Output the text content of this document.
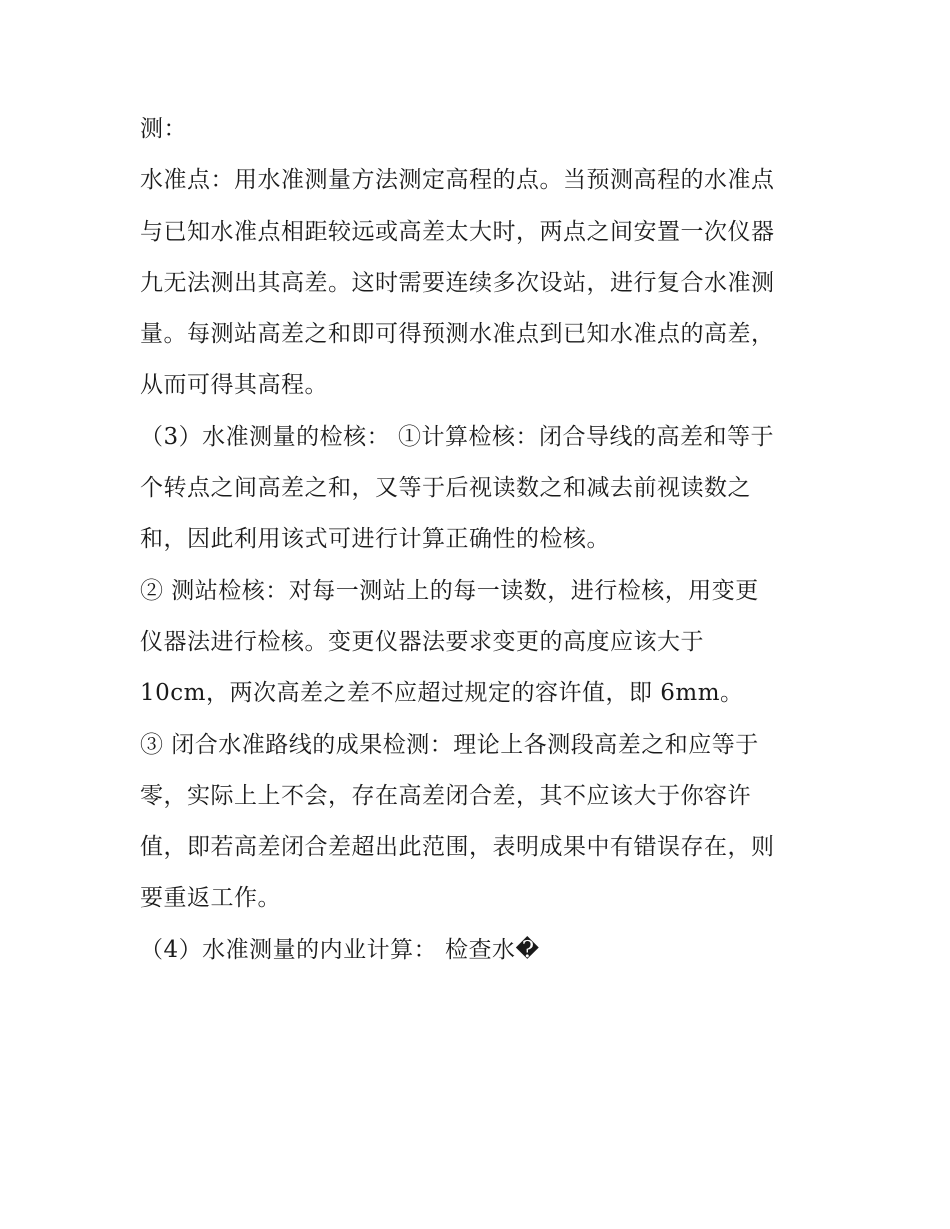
测：
水准点：用水准测量方法测定高程的点。当预测高程的水准点
与已知水准点相距较远或高差太大时，两点之间安置一次仪器
九无法测出其高差。这时需要连续多次设站，进行复合水准测
量。每测站高差之和即可得预测水准点到已知水准点的高差，
从而可得其高程。
（3）水准测量的检核： ①计算检核：闭合导线的高差和等于
个转点之间高差之和，又等于后视读数之和减去前视读数之
和，因此利用该式可进行计算正确性的检核。
② 测站检核：对每一测站上的每一读数，进行检核，用变更
仪器法进行检核。变更仪器法要求变更的高度应该大于
10cm，两次高差之差不应超过规定的容许值，即 6mm。
③ 闭合水准路线的成果检测：理论上各测段高差之和应等于
零，实际上上不会，存在高差闭合差，其不应该大于你容许
值，即若高差闭合差超出此范围，表明成果中有错误存在，则
要重返工作。
（4）水准测量的内业计算： 检查水�
